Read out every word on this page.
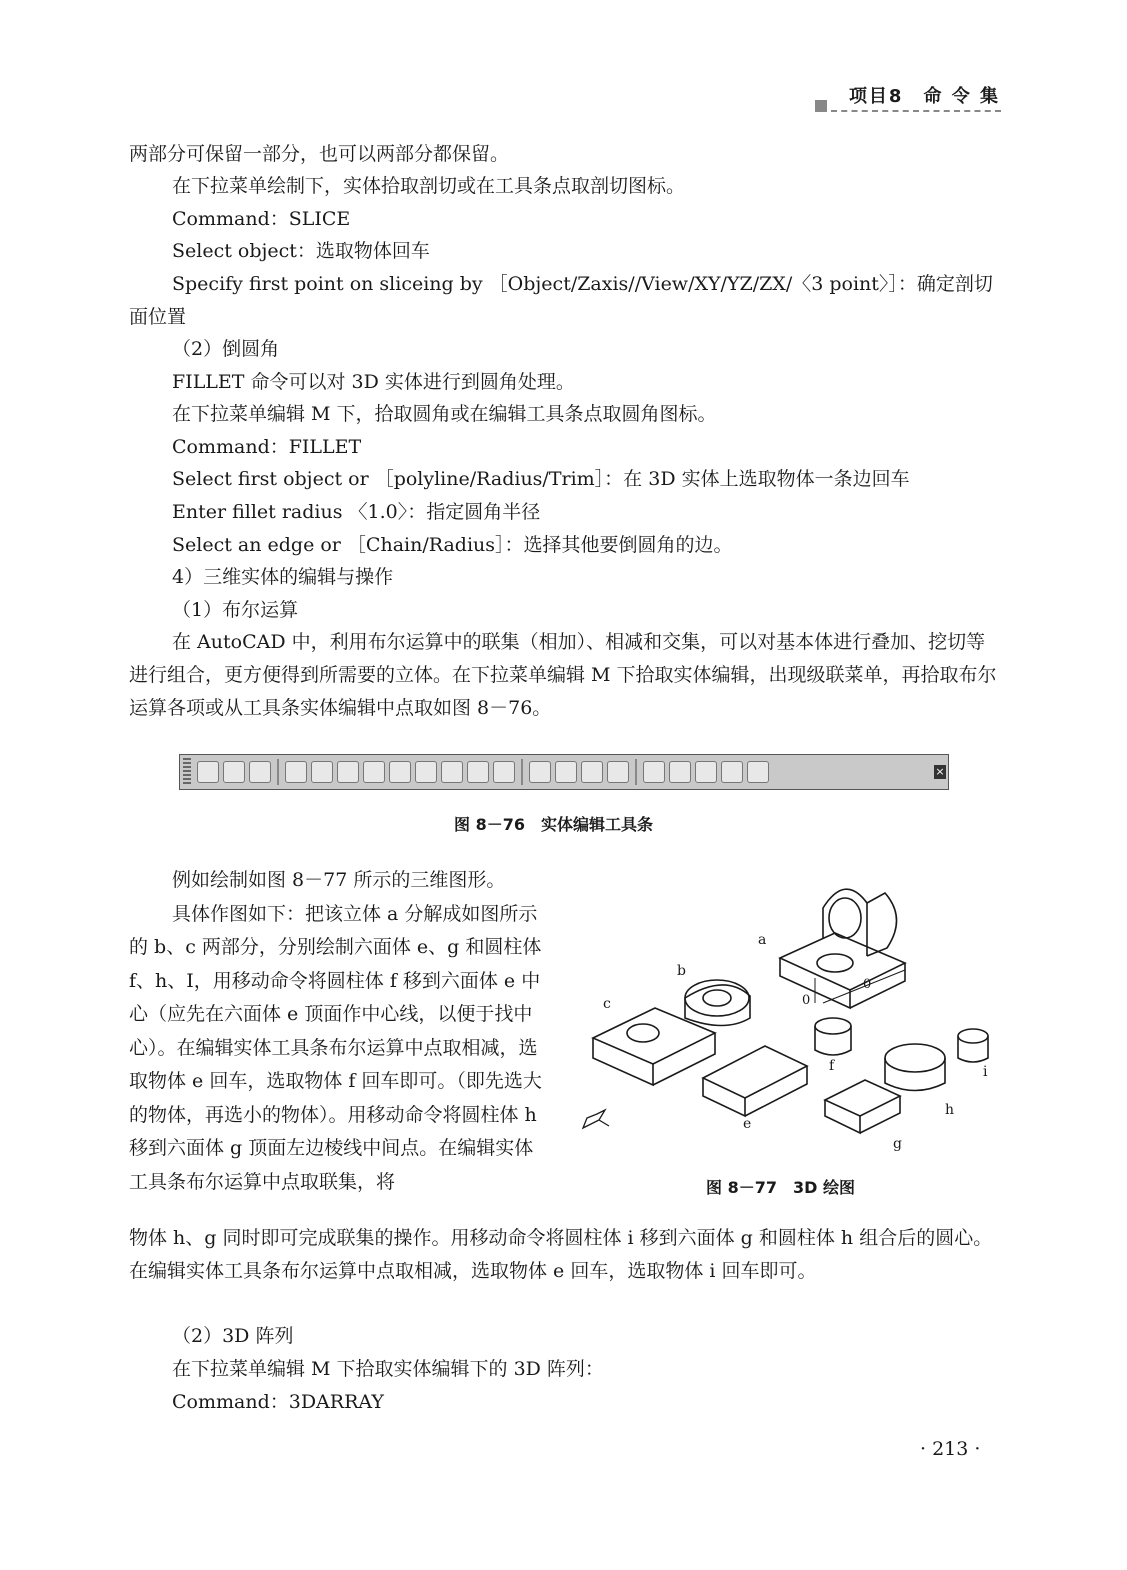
项目8　命 令 集
两部分可保留一部分，也可以两部分都保留。
在下拉菜单绘制下，实体拾取剖切或在工具条点取剖切图标。
Command：SLICE
Select object：选取物体回车
Specify first point on sliceing by ［Object/Zaxis//View/XY/YZ/ZX/〈3 point〉］：确定剖切面位置
（2）倒圆角
FILLET 命令可以对 3D 实体进行到圆角处理。
在下拉菜单编辑 M 下，拾取圆角或在编辑工具条点取圆角图标。
Command：FILLET
Select first object or ［polyline/Radius/Trim］：在 3D 实体上选取物体一条边回车
Enter fillet radius 〈1.0〉：指定圆角半径
Select an edge or ［Chain/Radius］：选择其他要倒圆角的边。
4）三维实体的编辑与操作
（1）布尔运算
在 AutoCAD 中，利用布尔运算中的联集（相加）、相减和交集，可以对基本体进行叠加、挖切等进行组合，更方便得到所需要的立体。在下拉菜单编辑 M 下拾取实体编辑，出现级联菜单，再拾取布尔运算各项或从工具条实体编辑中点取如图 8－76。
×
图 8－76　实体编辑工具条
例如绘制如图 8－77 所示的三维图形。
具体作图如下：把该立体 a 分解成如图所示的 b、c 两部分，分别绘制六面体 e、g 和圆柱体 f、h、I，用移动命令将圆柱体 f 移到六面体 e 中心（应先在六面体 e 顶面作中心线，以便于找中心）。在编辑实体工具条布尔运算中点取相减，选取物体 e 回车，选取物体 f 回车即可。（即先选大的物体，再选小的物体）。用移动命令将圆柱体 h 移到六面体 g 顶面左边棱线中间点。在编辑实体工具条布尔运算中点取联集，将
a
0
0
b
c
f
e
h
i
g
图 8－77　3D 绘图
物体 h、g 同时即可完成联集的操作。用移动命令将圆柱体 i 移到六面体 g 和圆柱体 h 组合后的圆心。在编辑实体工具条布尔运算中点取相减，选取物体 e 回车，选取物体 i 回车即可。
（2）3D 阵列
在下拉菜单编辑 M 下拾取实体编辑下的 3D 阵列：
Command：3DARRAY
· 213 ·
